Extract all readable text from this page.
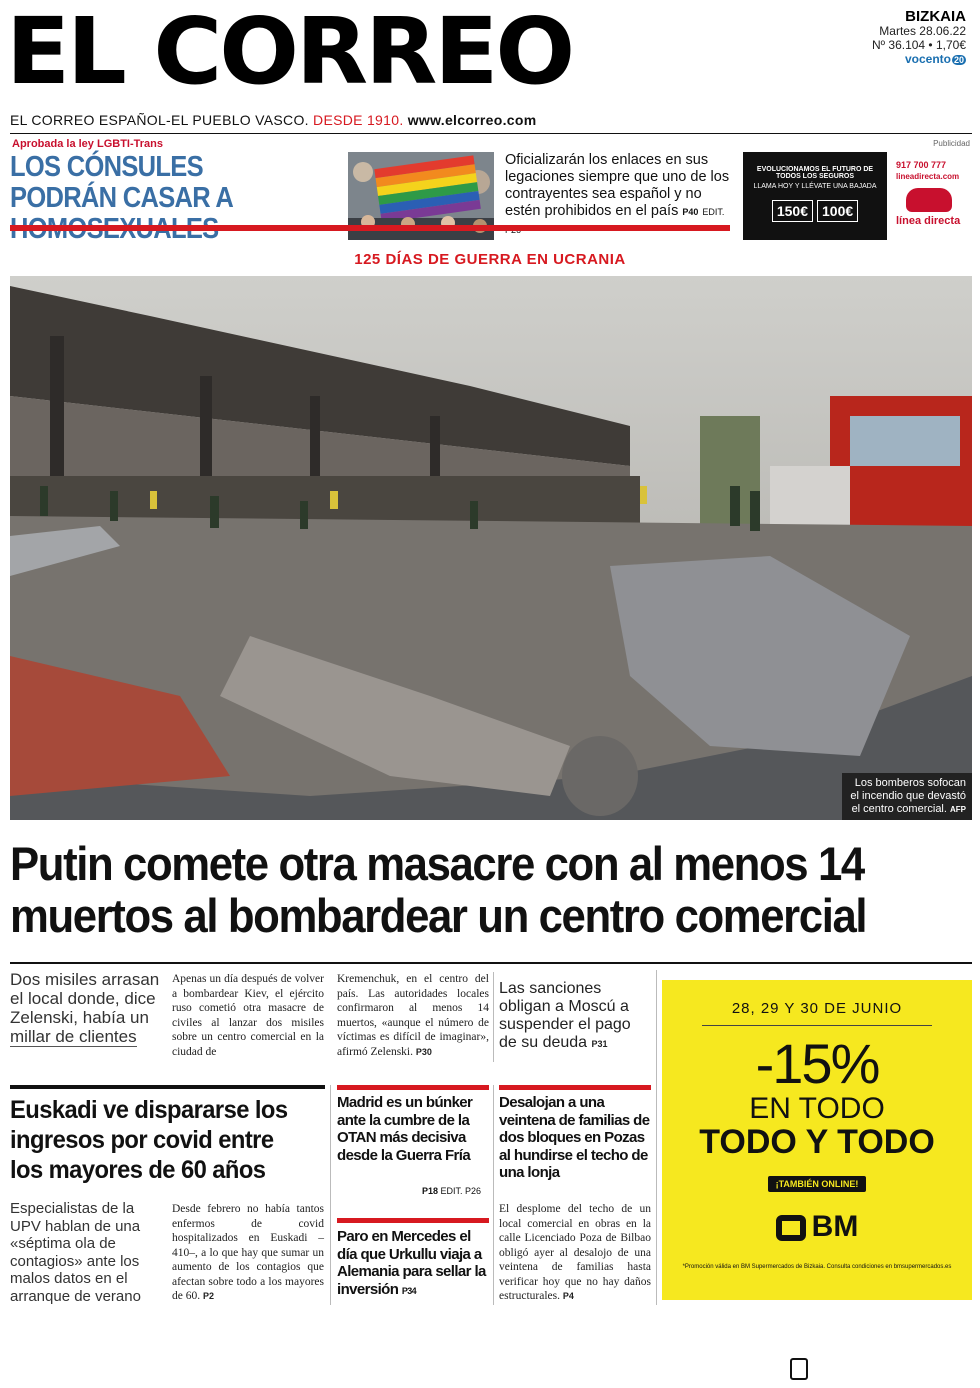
EL CORREO	BIZKAIA
Martes 28.06.22
Nº 36.104 • 1,70€
vocento 20
EL CORREO ESPAÑOL-EL PUEBLO VASCO. DESDE 1910. www.elcorreo.com
Publicidad
Aprobada la ley LGBTI-Trans
LOS CÓNSULES PODRÁN CASAR A
Oficializarán los enlaces en sus legaciones siempre que uno de los contrayentes sea español y no estén prohibidos en el país P40 EDIT.
EVOLUCIONAMOS EL FUTURO DE TODOS LOS SEGUROS
LLAMA HOY Y LLÉVATE UNA BAJADA
150€ 100€
917 700 777
lineadirecta.com
línea directa
125 DÍAS DE GUERRA EN UCRANIA
Los bomberos sofocan el incendio que devastó el centro comercial. AFP
Putin comete otra masacre con al menos 14 muertos al bombardear un centro comercial
Dos misiles arrasan el local donde, dice Zelenski, había un millar de clientes
Apenas un día después de volver a bombardear Kiev, el ejército ruso cometió otra masacre de civiles al lanzar dos misiles sobre un centro comercial en la ciudad de
Kremenchuk, en el centro del país. Las autoridades locales confirmaron al menos 14 muertos, «aunque el número de víctimas es difícil de imaginar», afirmó Zelenski. P30
Las sanciones obligan a Moscú a suspender el pago de su deuda P31
28, 29 Y 30 DE JUNIO
-15%
EN TODO
TODO Y TODO
¡TAMBIÉN ONLINE!
BM
*Promoción válida en BM Supermercados de Bizkaia. Consulta condiciones en bmsupermercados.es
Euskadi ve dispararse los ingresos por covid entre los mayores de 60 años
Especialistas de la UPV hablan de una «séptima ola de contagios» ante los malos datos en el arranque de verano
Desde febrero no había tantos enfermos de covid hospitalizados en Euskadi –410–, a lo que hay que sumar un aumento de los contagios que afectan sobre todo a los mayores de 60. P2
Madrid es un búnker ante la cumbre de la OTAN más decisiva desde la Guerra Fría
P18 EDIT. P26
Paro en Mercedes el día que Urkullu viaja a Alemania para sellar la inversión P34
Desalojan a una veintena de familias de dos bloques en Pozas al hundirse el techo de una lonja
El desplome del techo de un local comercial en obras en la calle Licenciado Poza de Bilbao obligó ayer al desalojo de una veintena de familias hasta verificar hoy que no hay daños estructurales. P4
